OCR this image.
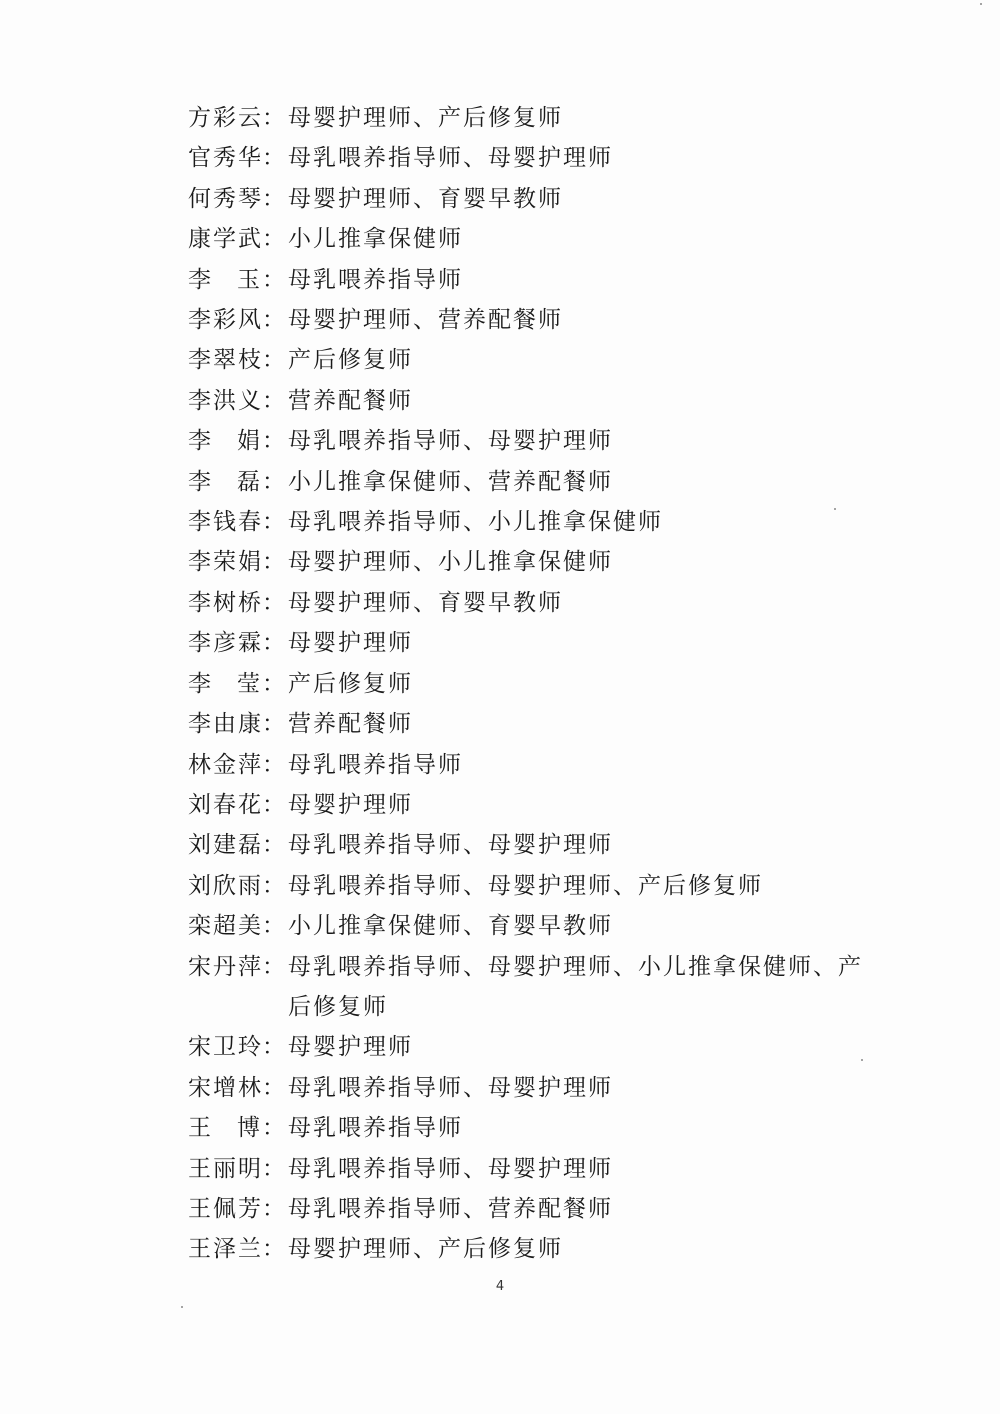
方彩云 ： 母婴护理师、产后修复师
官秀华 ： 母乳喂养指导师、母婴护理师
何秀琴 ： 母婴护理师、育婴早教师
康学武 ： 小儿推拿保健师
李玉 ： 母乳喂养指导师
李彩风 ： 母婴护理师、营养配餐师
李翠枝 ： 产后修复师
李洪义 ： 营养配餐师
李娟 ： 母乳喂养指导师、母婴护理师
李磊 ： 小儿推拿保健师、营养配餐师
李钱春 ： 母乳喂养指导师、小儿推拿保健师
李荣娟 ： 母婴护理师、小儿推拿保健师
李树桥 ： 母婴护理师、育婴早教师
李彦霖 ： 母婴护理师
李莹 ： 产后修复师
李由康 ： 营养配餐师
林金萍 ： 母乳喂养指导师
刘春花 ： 母婴护理师
刘建磊 ： 母乳喂养指导师、母婴护理师
刘欣雨 ： 母乳喂养指导师、母婴护理师、产后修复师
栾超美 ： 小儿推拿保健师、育婴早教师
宋丹萍 ： 母乳喂养指导师、母婴护理师、小儿推拿保健师、产后修复师
宋卫玲 ： 母婴护理师
宋增林 ： 母乳喂养指导师、母婴护理师
王博 ： 母乳喂养指导师
王丽明 ： 母乳喂养指导师、母婴护理师
王佩芳 ： 母乳喂养指导师、营养配餐师
王泽兰 ： 母婴护理师、产后修复师
4
